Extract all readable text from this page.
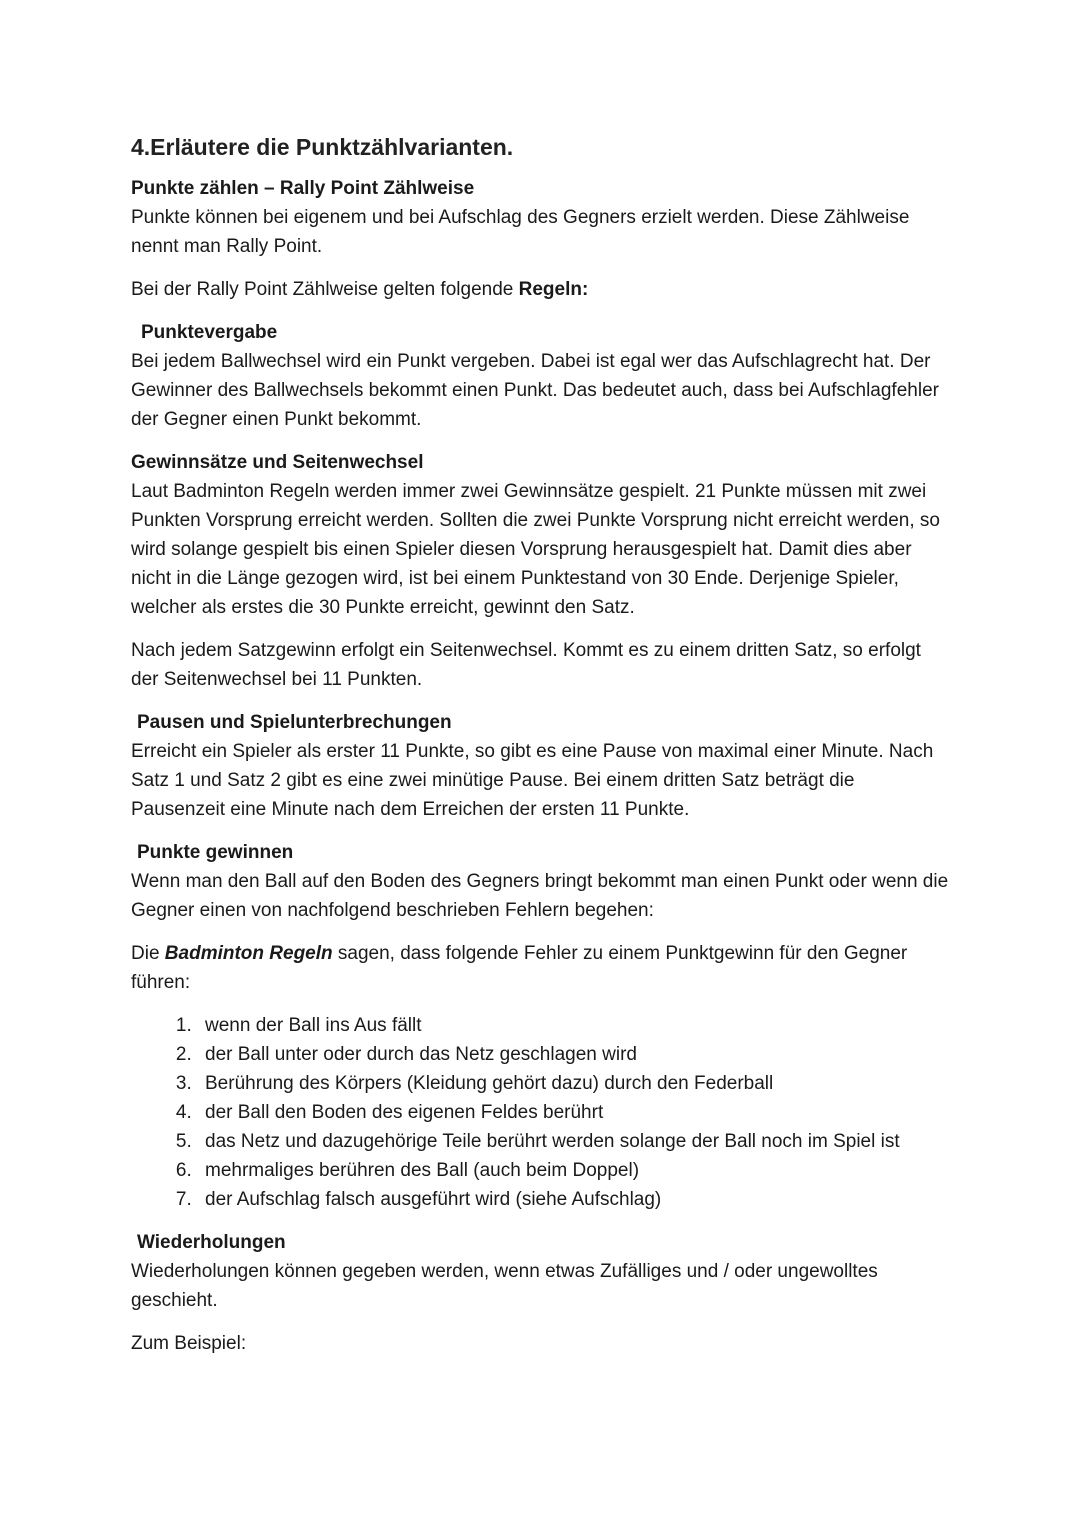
4.Erläutere die Punktzählvarianten.
Punkte zählen – Rally Point Zählweise

Punkte können bei eigenem und bei Aufschlag des Gegners erzielt werden. Diese Zählweise nennt man Rally Point.

Bei der Rally Point Zählweise gelten folgende Regeln:

Punktevergabe

Bei jedem Ballwechsel wird ein Punkt vergeben. Dabei ist egal wer das Aufschlagrecht hat. Der Gewinner des Ballwechsels bekommt einen Punkt. Das bedeutet auch, dass bei Aufschlagfehler der Gegner einen Punkt bekommt.

Gewinnsätze und Seitenwechsel

Laut Badminton Regeln werden immer zwei Gewinnsätze gespielt. 21 Punkte müssen mit zwei Punkten Vorsprung erreicht werden. Sollten die zwei Punkte Vorsprung nicht erreicht werden, so wird solange gespielt bis einen Spieler diesen Vorsprung herausgespielt hat. Damit dies aber nicht in die Länge gezogen wird, ist bei einem Punktestand von 30 Ende. Derjenige Spieler, welcher als erstes die 30 Punkte erreicht, gewinnt den Satz.

Nach jedem Satzgewinn erfolgt ein Seitenwechsel. Kommt es zu einem dritten Satz, so erfolgt der Seitenwechsel bei 11 Punkten.

Pausen und Spielunterbrechungen

Erreicht ein Spieler als erster 11 Punkte, so gibt es eine Pause von maximal einer Minute. Nach Satz 1 und Satz 2 gibt es eine zwei minütige Pause. Bei einem dritten Satz beträgt die Pausenzeit eine Minute nach dem Erreichen der ersten 11 Punkte.

Punkte gewinnen

Wenn man den Ball auf den Boden des Gegners bringt bekommt man einen Punkt oder wenn die Gegner einen von nachfolgend beschrieben Fehlern begehen:

Die Badminton Regeln sagen, dass folgende Fehler zu einem Punktgewinn für den Gegner führen:

1. wenn der Ball ins Aus fällt
2. der Ball unter oder durch das Netz geschlagen wird
3. Berührung des Körpers (Kleidung gehört dazu) durch den Federball
4. der Ball den Boden des eigenen Feldes berührt
5. das Netz und dazugehörige Teile berührt werden solange der Ball noch im Spiel ist
6. mehrmaliges berühren des Ball (auch beim Doppel)
7. der Aufschlag falsch ausgeführt wird (siehe Aufschlag)
Wiederholungen

Wiederholungen können gegeben werden, wenn etwas Zufälliges und / oder ungewolltes geschieht.

Zum Beispiel:
